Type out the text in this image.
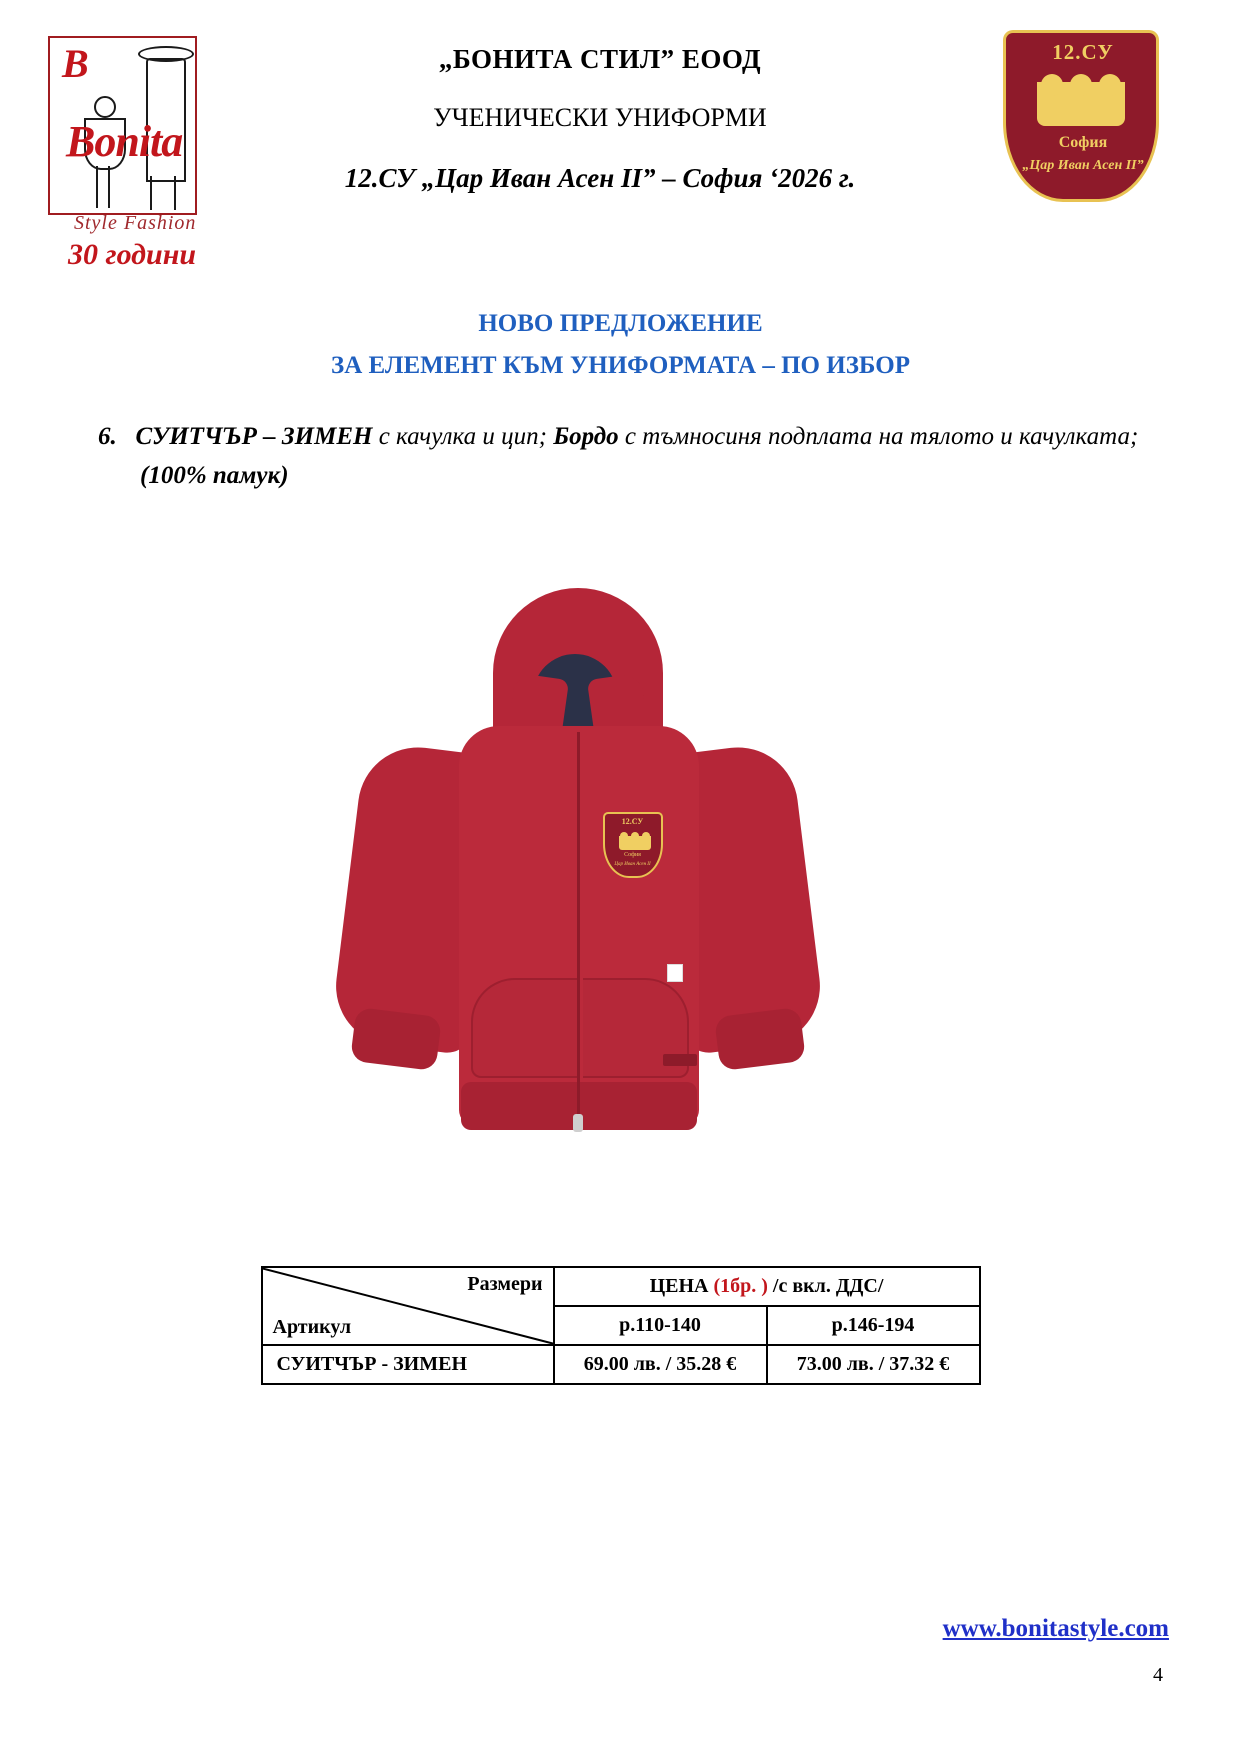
B
Bonita
Style Fashion
30 години
„БОНИТА СТИЛ” ЕООД
УЧЕНИЧЕСКИ УНИФОРМИ
12.СУ „Цар Иван Асен II” – София ‘2026 г.
12.СУ
София
„Цар Иван Асен II”
НОВО ПРЕДЛОЖЕНИЕ
ЗА ЕЛЕМЕНТ КЪМ УНИФОРМАТА – ПО ИЗБОР
6. СУИТЧЪР – ЗИМЕН с качулка и цип; Бордо с тъмносиня подплата на тялото и качулката; (100% памук)
12.СУ
София
Цар Иван Асен II
Размери
Артикул	ЦЕНА (1бр. ) /с вкл. ДДС/	
	р.110-140	р.146-194
СУИТЧЪР - ЗИМЕН	69.00 лв. / 35.28 €	73.00 лв. / 37.32 €
www.bonitastyle.com
4
